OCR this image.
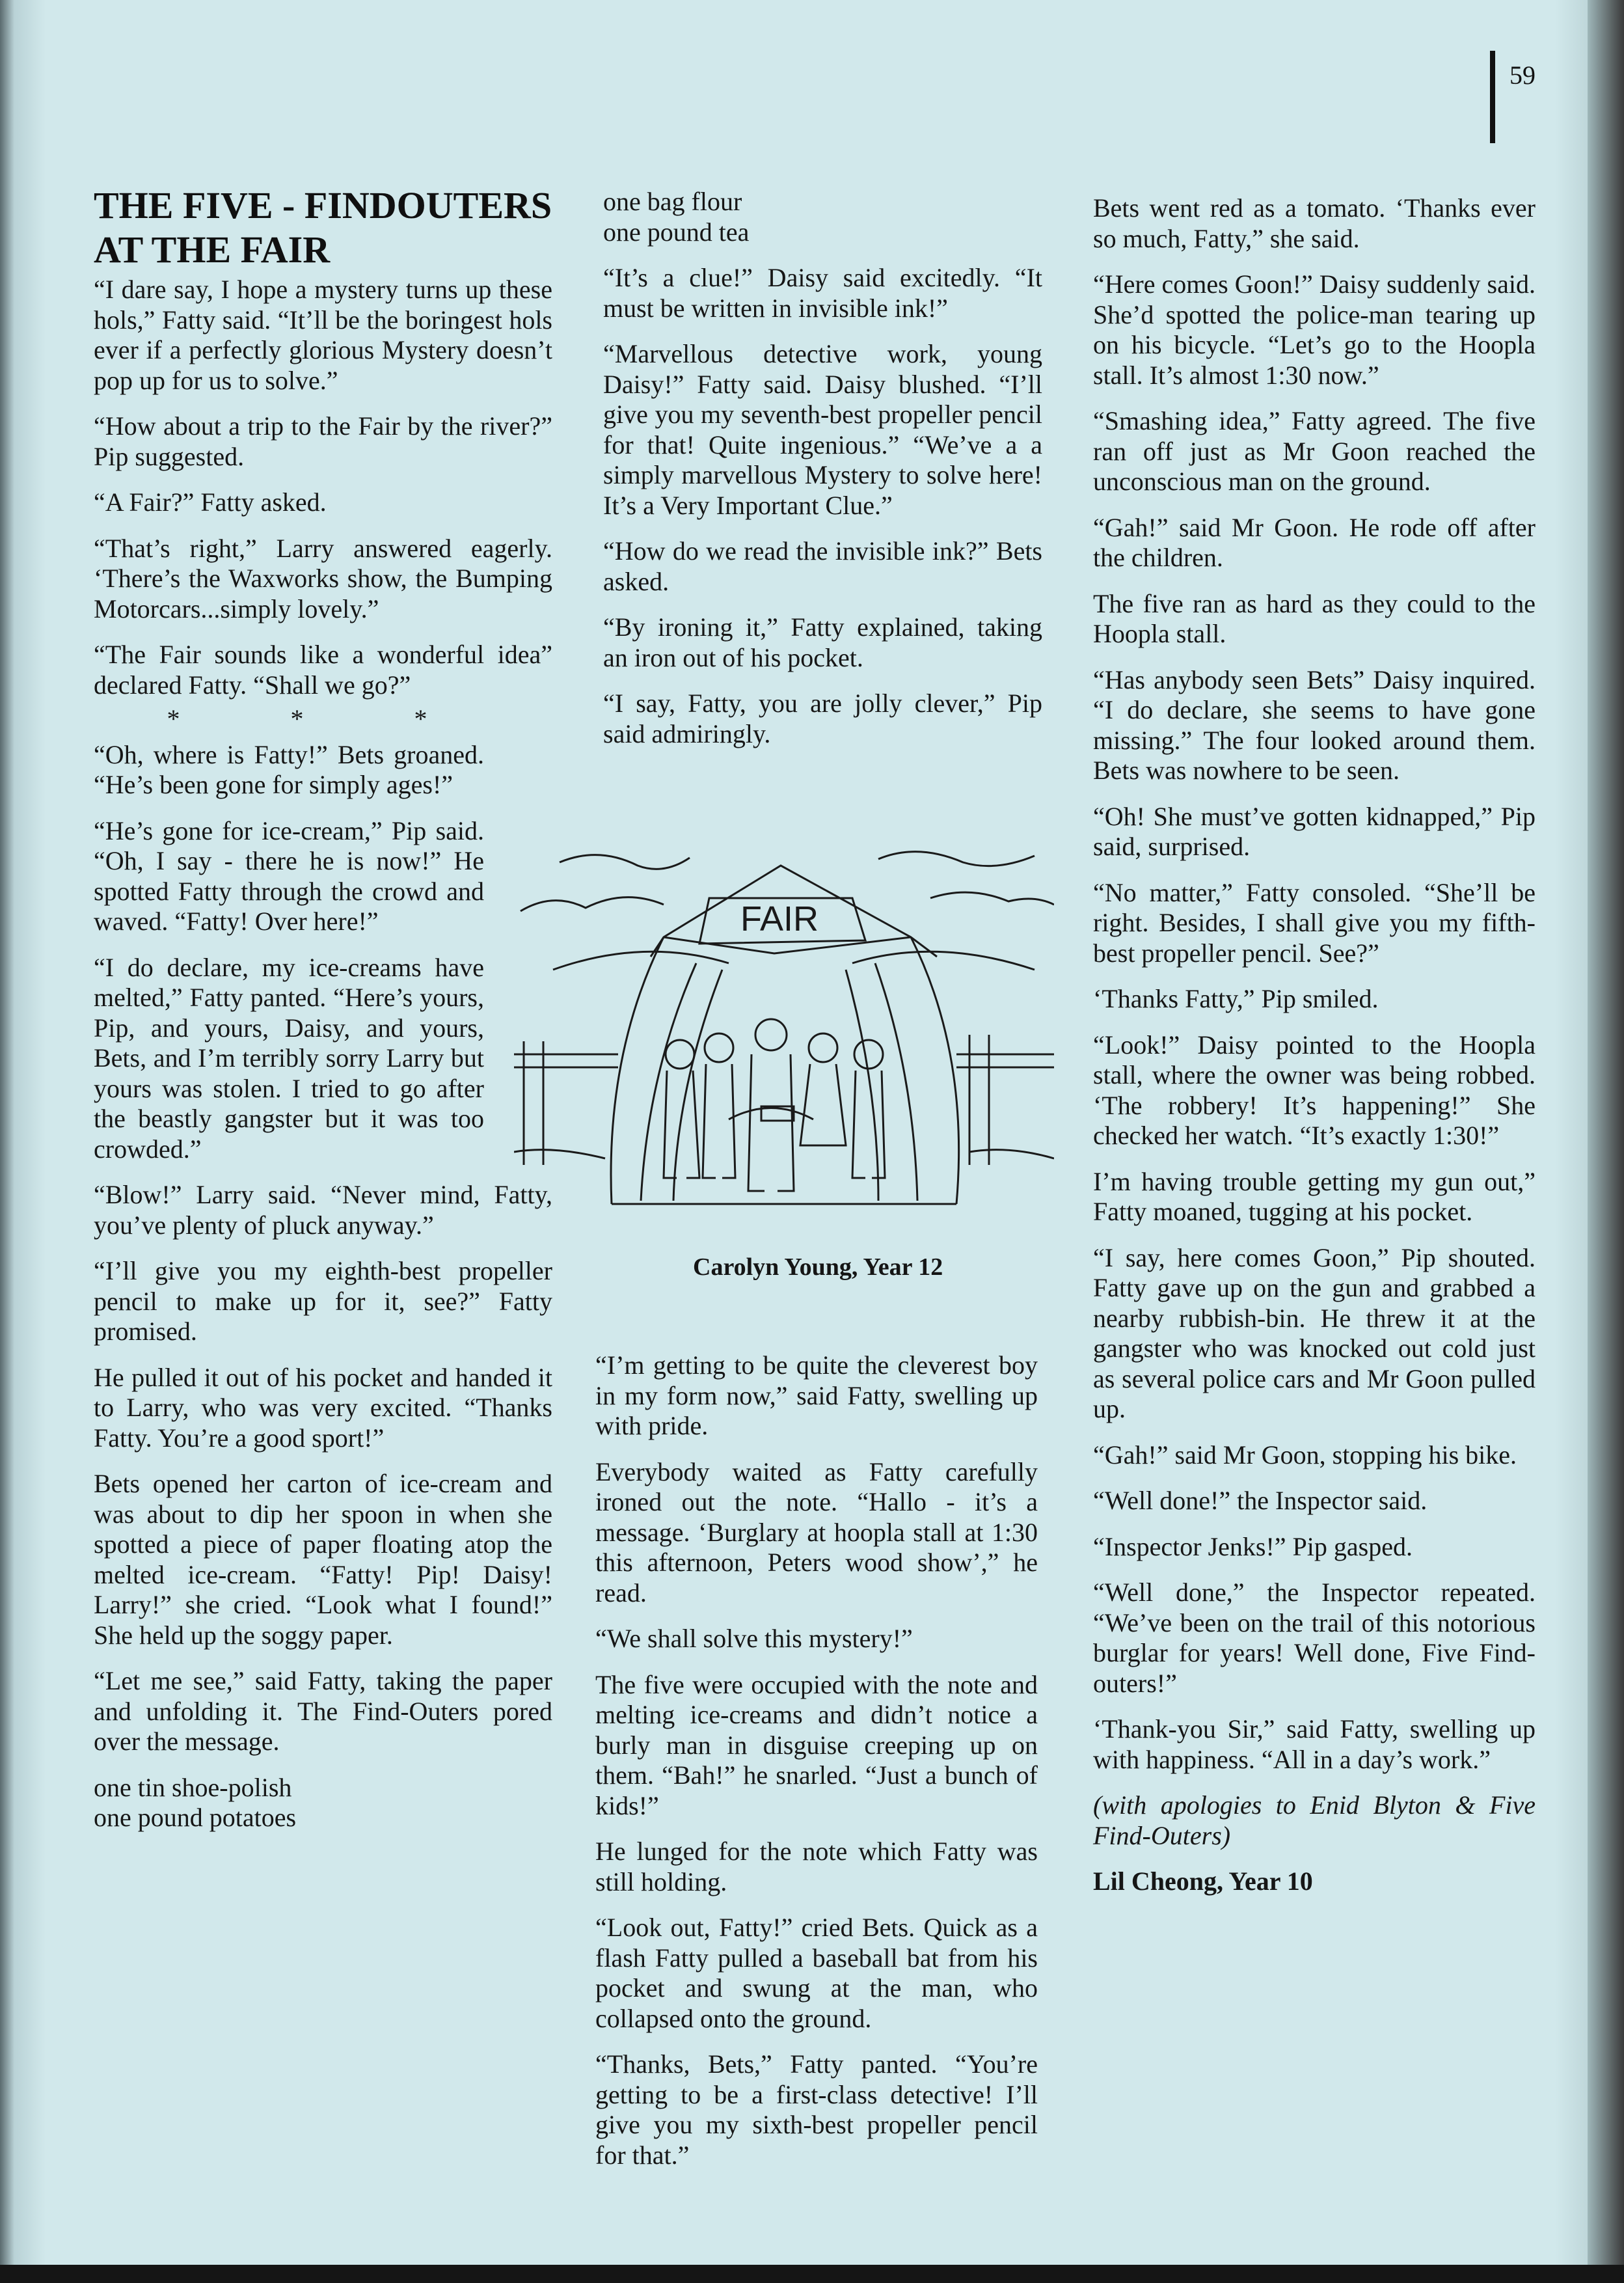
59
THE FIVE - FINDOUTERS AT THE FAIR

“I dare say, I hope a mystery turns up these hols,” Fatty said. “It’ll be the boringest hols ever if a perfectly glorious Mystery doesn’t pop up for us to solve.”

“How about a trip to the Fair by the river?” Pip suggested.

“A Fair?” Fatty asked.

“That’s right,” Larry answered eagerly. ‘There’s the Waxworks show, the Bumping Motorcars...simply lovely.”

“The Fair sounds like a wonderful idea” declared Fatty. “Shall we go?”

* * *

“Oh, where is Fatty!” Bets groaned. “He’s been gone for simply ages!”

“He’s gone for ice-cream,” Pip said. “Oh, I say - there he is now!” He spotted Fatty through the crowd and waved. “Fatty! Over here!”

“I do declare, my ice-creams have melted,” Fatty panted. “Here’s yours, Pip, and yours, Daisy, and yours, Bets, and I’m terribly sorry Larry but yours was stolen. I tried to go after the beastly gangster but it was too crowded.”

“Blow!” Larry said. “Never mind, Fatty, you’ve plenty of pluck anyway.”

“I’ll give you my eighth-best propeller pencil to make up for it, see?” Fatty promised.

He pulled it out of his pocket and handed it to Larry, who was very excited. “Thanks Fatty. You’re a good sport!”

Bets opened her carton of ice-cream and was about to dip her spoon in when she spotted a piece of paper floating atop the melted ice-cream. “Fatty! Pip! Daisy! Larry!” she cried. “Look what I found!” She held up the soggy paper.

“Let me see,” said Fatty, taking the paper and unfolding it. The Find-Outers pored over the message.

one tin shoe-polish

one pound potatoes

one bag flour

one pound tea

“It’s a clue!” Daisy said excitedly. “It must be written in invisible ink!”

“Marvellous detective work, young Daisy!” Fatty said. Daisy blushed. “I’ll give you my seventh-best propeller pencil for that! Quite ingenious.” “We’ve a a simply marvellous Mystery to solve here! It’s a Very Important Clue.”

“How do we read the invisible ink?” Bets asked.

“By ironing it,” Fatty explained, taking an iron out of his pocket.

“I say, Fatty, you are jolly clever,” Pip said admiringly.

FAIR
Carolyn Young, Year 12

“I’m getting to be quite the cleverest boy in my form now,” said Fatty, swelling up with pride.

Everybody waited as Fatty carefully ironed out the note. “Hallo - it’s a message. ‘Burglary at hoopla stall at 1:30 this afternoon, Peters wood show’,” he read.

“We shall solve this mystery!”

The five were occupied with the note and melting ice-creams and didn’t notice a burly man in disguise creeping up on them. “Bah!” he snarled. “Just a bunch of kids!”

He lunged for the note which Fatty was still holding.

“Look out, Fatty!” cried Bets. Quick as a flash Fatty pulled a baseball bat from his pocket and swung at the man, who collapsed onto the ground.

“Thanks, Bets,” Fatty panted. “You’re getting to be a first-class detective! I’ll give you my sixth-best propeller pencil for that.”

Bets went red as a tomato. ‘Thanks ever so much, Fatty,” she said.

“Here comes Goon!” Daisy suddenly said. She’d spotted the police-man tearing up on his bicycle. “Let’s go to the Hoopla stall. It’s almost 1:30 now.”

“Smashing idea,” Fatty agreed. The five ran off just as Mr Goon reached the unconscious man on the ground.

“Gah!” said Mr Goon. He rode off after the children.

The five ran as hard as they could to the Hoopla stall.

“Has anybody seen Bets” Daisy inquired. “I do declare, she seems to have gone missing.” The four looked around them. Bets was nowhere to be seen.

“Oh! She must’ve gotten kidnapped,” Pip said, surprised.

“No matter,” Fatty consoled. “She’ll be right. Besides, I shall give you my fifth-best propeller pencil. See?”

‘Thanks Fatty,” Pip smiled.

“Look!” Daisy pointed to the Hoopla stall, where the owner was being robbed. ‘The robbery! It’s happening!” She checked her watch. “It’s exactly 1:30!”

I’m having trouble getting my gun out,” Fatty moaned, tugging at his pocket.

“I say, here comes Goon,” Pip shouted. Fatty gave up on the gun and grabbed a nearby rubbish-bin. He threw it at the gangster who was knocked out cold just as several police cars and Mr Goon pulled up.

“Gah!” said Mr Goon, stopping his bike.

“Well done!” the Inspector said.

“Inspector Jenks!” Pip gasped.

“Well done,” the Inspector repeated. “We’ve been on the trail of this notorious burglar for years! Well done, Five Find-outers!”

‘Thank-you Sir,” said Fatty, swelling up with happiness. “All in a day’s work.”

(with apologies to Enid Blyton & Five Find-Outers)

Lil Cheong, Year 10
